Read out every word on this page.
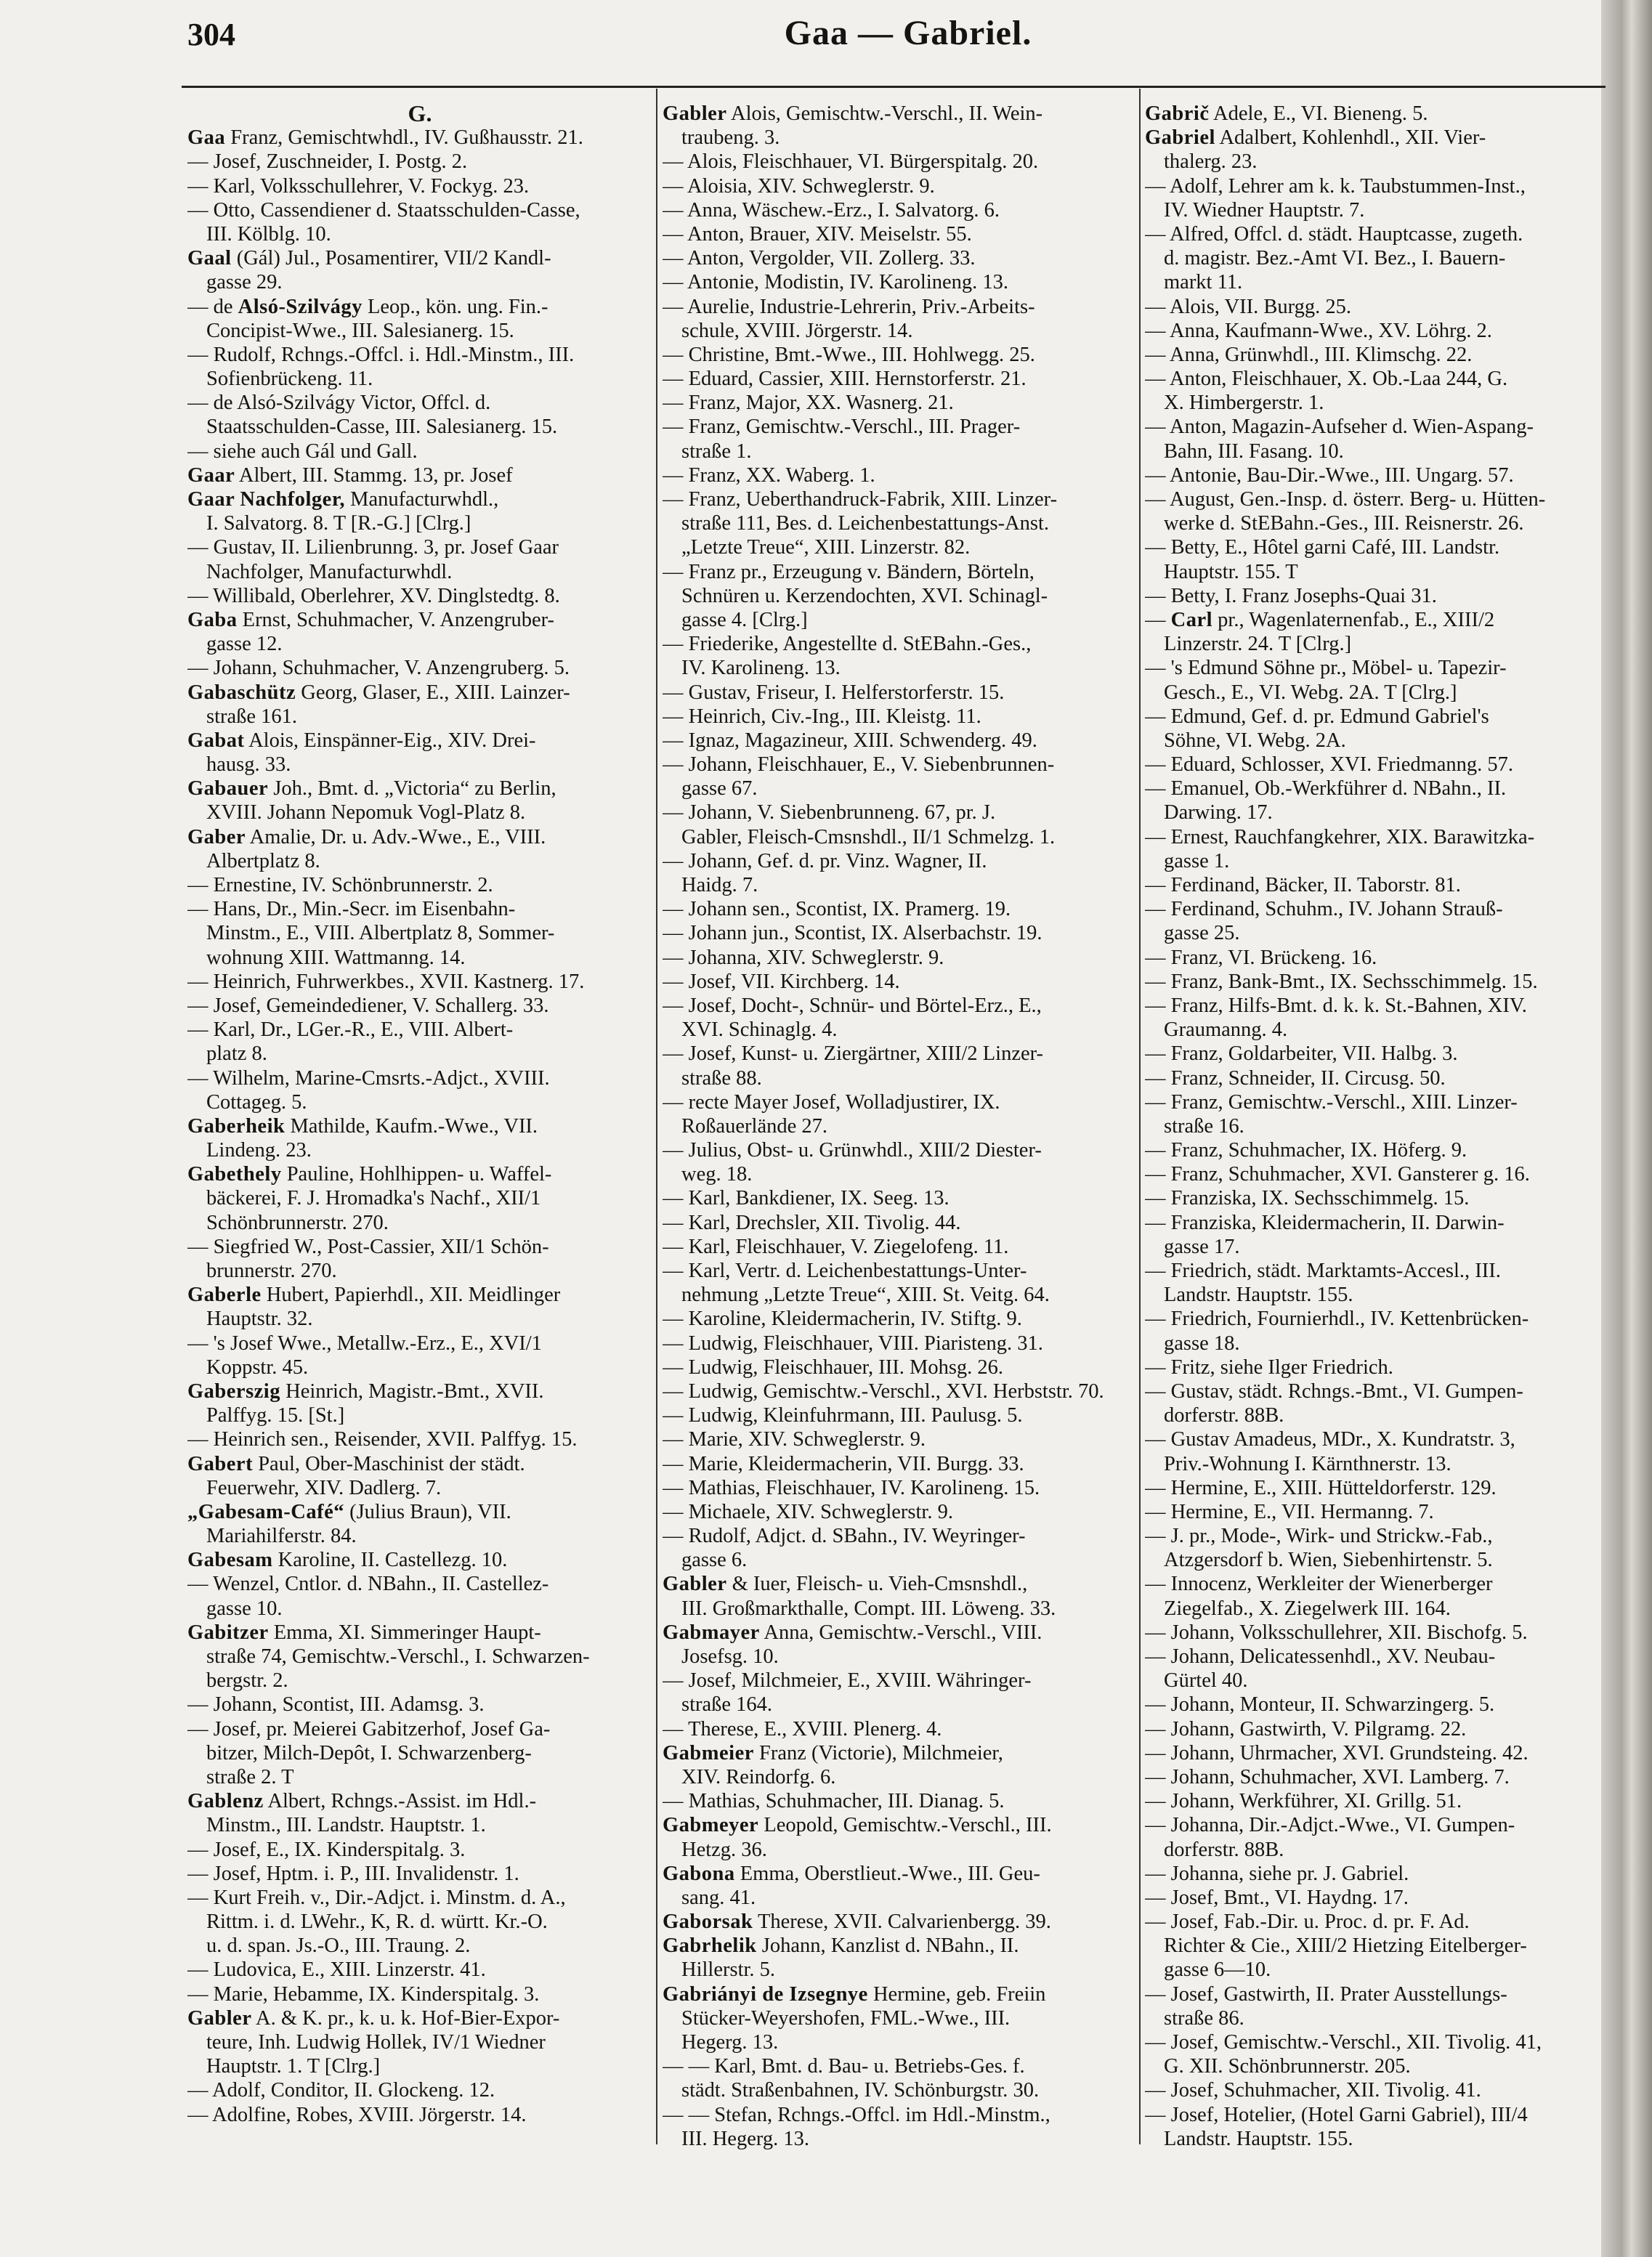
304	Gaa — Gabriel.
G.
Gaa Franz, Gemischtwhdl., IV. Gußhausstr. 21.
— Josef, Zuschneider, I. Postg. 2.
— Karl, Volksschullehrer, V. Fockyg. 23.
— Otto, Cassendiener d. Staatsschulden-Casse,
III. Kölblg. 10.
Gaal (Gál) Jul., Posamentirer, VII/2 Kandl-
gasse 29.
— de Alsó-Szilvágy Leop., kön. ung. Fin.-
Concipist-Wwe., III. Salesianerg. 15.
— Rudolf, Rchngs.-Offcl. i. Hdl.-Minstm., III.
Sofienbrückeng. 11.
— de Alsó-Szilvágy Victor, Offcl. d.
Staatsschulden-Casse, III. Salesianerg. 15.
— siehe auch Gál und Gall.
Gaar Albert, III. Stammg. 13, pr. Josef
Gaar Nachfolger, Manufacturwhdl.,
I. Salvatorg. 8. T [R.-G.] [Clrg.]
— Gustav, II. Lilienbrunng. 3, pr. Josef Gaar
Nachfolger, Manufacturwhdl.
— Willibald, Oberlehrer, XV. Dinglstedtg. 8.
Gaba Ernst, Schuhmacher, V. Anzengruber-
gasse 12.
— Johann, Schuhmacher, V. Anzengruberg. 5.
Gabaschütz Georg, Glaser, E., XIII. Lainzer-
straße 161.
Gabat Alois, Einspänner-Eig., XIV. Drei-
hausg. 33.
Gabauer Joh., Bmt. d. „Victoria“ zu Berlin,
XVIII. Johann Nepomuk Vogl-Platz 8.
Gaber Amalie, Dr. u. Adv.-Wwe., E., VIII.
Albertplatz 8.
— Ernestine, IV. Schönbrunnerstr. 2.
— Hans, Dr., Min.-Secr. im Eisenbahn-
Minstm., E., VIII. Albertplatz 8, Sommer-
wohnung XIII. Wattmanng. 14.
— Heinrich, Fuhrwerkbes., XVII. Kastnerg. 17.
— Josef, Gemeindediener, V. Schallerg. 33.
— Karl, Dr., LGer.-R., E., VIII. Albert-
platz 8.
— Wilhelm, Marine-Cmsrts.-Adjct., XVIII.
Cottageg. 5.
Gaberheik Mathilde, Kaufm.-Wwe., VII.
Lindeng. 23.
Gabethely Pauline, Hohlhippen- u. Waffel-
bäckerei, F. J. Hromadka's Nachf., XII/1
Schönbrunnerstr. 270.
— Siegfried W., Post-Cassier, XII/1 Schön-
brunnerstr. 270.
Gaberle Hubert, Papierhdl., XII. Meidlinger
Hauptstr. 32.
— 's Josef Wwe., Metallw.-Erz., E., XVI/1
Koppstr. 45.
Gaberszig Heinrich, Magistr.-Bmt., XVII.
Palffyg. 15. [St.]
— Heinrich sen., Reisender, XVII. Palffyg. 15.
Gabert Paul, Ober-Maschinist der städt.
Feuerwehr, XIV. Dadlerg. 7.
„Gabesam-Café“ (Julius Braun), VII.
Mariahilferstr. 84.
Gabesam Karoline, II. Castellezg. 10.
— Wenzel, Cntlor. d. NBahn., II. Castellez-
gasse 10.
Gabitzer Emma, XI. Simmeringer Haupt-
straße 74, Gemischtw.-Verschl., I. Schwarzen-
bergstr. 2.
— Johann, Scontist, III. Adamsg. 3.
— Josef, pr. Meierei Gabitzerhof, Josef Ga-
bitzer, Milch-Depôt, I. Schwarzenberg-
straße 2. T
Gablenz Albert, Rchngs.-Assist. im Hdl.-
Minstm., III. Landstr. Hauptstr. 1.
— Josef, E., IX. Kinderspitalg. 3.
— Josef, Hptm. i. P., III. Invalidenstr. 1.
— Kurt Freih. v., Dir.-Adjct. i. Minstm. d. A.,
Rittm. i. d. LWehr., K, R. d. württ. Kr.-O.
u. d. span. Js.-O., III. Traung. 2.
— Ludovica, E., XIII. Linzerstr. 41.
— Marie, Hebamme, IX. Kinderspitalg. 3.
Gabler A. & K. pr., k. u. k. Hof-Bier-Expor-
teure, Inh. Ludwig Hollek, IV/1 Wiedner
Hauptstr. 1. T [Clrg.]
— Adolf, Conditor, II. Glockeng. 12.
— Adolfine, Robes, XVIII. Jörgerstr. 14.
Gabler Alois, Gemischtw.-Verschl., II. Wein-
traubeng. 3.
— Alois, Fleischhauer, VI. Bürgerspitalg. 20.
— Aloisia, XIV. Schweglerstr. 9.
— Anna, Wäschew.-Erz., I. Salvatorg. 6.
— Anton, Brauer, XIV. Meiselstr. 55.
— Anton, Vergolder, VII. Zollerg. 33.
— Antonie, Modistin, IV. Karolineng. 13.
— Aurelie, Industrie-Lehrerin, Priv.-Arbeits-
schule, XVIII. Jörgerstr. 14.
— Christine, Bmt.-Wwe., III. Hohlwegg. 25.
— Eduard, Cassier, XIII. Hernstorferstr. 21.
— Franz, Major, XX. Wasnerg. 21.
— Franz, Gemischtw.-Verschl., III. Prager-
straße 1.
— Franz, XX. Waberg. 1.
— Franz, Ueberthandruck-Fabrik, XIII. Linzer-
straße 111, Bes. d. Leichenbestattungs-Anst.
„Letzte Treue“, XIII. Linzerstr. 82.
— Franz pr., Erzeugung v. Bändern, Börteln,
Schnüren u. Kerzendochten, XVI. Schinagl-
gasse 4. [Clrg.]
— Friederike, Angestellte d. StEBahn.-Ges.,
IV. Karolineng. 13.
— Gustav, Friseur, I. Helferstorferstr. 15.
— Heinrich, Civ.-Ing., III. Kleistg. 11.
— Ignaz, Magazineur, XIII. Schwenderg. 49.
— Johann, Fleischhauer, E., V. Siebenbrunnen-
gasse 67.
— Johann, V. Siebenbrunneng. 67, pr. J.
Gabler, Fleisch-Cmsnshdl., II/1 Schmelzg. 1.
— Johann, Gef. d. pr. Vinz. Wagner, II.
Haidg. 7.
— Johann sen., Scontist, IX. Pramerg. 19.
— Johann jun., Scontist, IX. Alserbachstr. 19.
— Johanna, XIV. Schweglerstr. 9.
— Josef, VII. Kirchberg. 14.
— Josef, Docht-, Schnür- und Börtel-Erz., E.,
XVI. Schinaglg. 4.
— Josef, Kunst- u. Ziergärtner, XIII/2 Linzer-
straße 88.
— recte Mayer Josef, Wolladjustirer, IX.
Roßauerlände 27.
— Julius, Obst- u. Grünwhdl., XIII/2 Diester-
weg. 18.
— Karl, Bankdiener, IX. Seeg. 13.
— Karl, Drechsler, XII. Tivolig. 44.
— Karl, Fleischhauer, V. Ziegelofeng. 11.
— Karl, Vertr. d. Leichenbestattungs-Unter-
nehmung „Letzte Treue“, XIII. St. Veitg. 64.
— Karoline, Kleidermacherin, IV. Stiftg. 9.
— Ludwig, Fleischhauer, VIII. Piaristeng. 31.
— Ludwig, Fleischhauer, III. Mohsg. 26.
— Ludwig, Gemischtw.-Verschl., XVI. Herbststr. 70.
— Ludwig, Kleinfuhrmann, III. Paulusg. 5.
— Marie, XIV. Schweglerstr. 9.
— Marie, Kleidermacherin, VII. Burgg. 33.
— Mathias, Fleischhauer, IV. Karolineng. 15.
— Michaele, XIV. Schweglerstr. 9.
— Rudolf, Adjct. d. SBahn., IV. Weyringer-
gasse 6.
Gabler & Iuer, Fleisch- u. Vieh-Cmsnshdl.,
III. Großmarkthalle, Compt. III. Löweng. 33.
Gabmayer Anna, Gemischtw.-Verschl., VIII.
Josefsg. 10.
— Josef, Milchmeier, E., XVIII. Währinger-
straße 164.
— Therese, E., XVIII. Plenerg. 4.
Gabmeier Franz (Victorie), Milchmeier,
XIV. Reindorfg. 6.
— Mathias, Schuhmacher, III. Dianag. 5.
Gabmeyer Leopold, Gemischtw.-Verschl., III.
Hetzg. 36.
Gabona Emma, Oberstlieut.-Wwe., III. Geu-
sang. 41.
Gaborsak Therese, XVII. Calvarienbergg. 39.
Gabrhelik Johann, Kanzlist d. NBahn., II.
Hillerstr. 5.
Gabriányi de Izsegnye Hermine, geb. Freiin
Stücker-Weyershofen, FML.-Wwe., III.
Hegerg. 13.
— — Karl, Bmt. d. Bau- u. Betriebs-Ges. f.
städt. Straßenbahnen, IV. Schönburgstr. 30.
— — Stefan, Rchngs.-Offcl. im Hdl.-Minstm.,
III. Hegerg. 13.
Gabrič Adele, E., VI. Bieneng. 5.
Gabriel Adalbert, Kohlenhdl., XII. Vier-
thalerg. 23.
— Adolf, Lehrer am k. k. Taubstummen-Inst.,
IV. Wiedner Hauptstr. 7.
— Alfred, Offcl. d. städt. Hauptcasse, zugeth.
d. magistr. Bez.-Amt VI. Bez., I. Bauern-
markt 11.
— Alois, VII. Burgg. 25.
— Anna, Kaufmann-Wwe., XV. Löhrg. 2.
— Anna, Grünwhdl., III. Klimschg. 22.
— Anton, Fleischhauer, X. Ob.-Laa 244, G.
X. Himbergerstr. 1.
— Anton, Magazin-Aufseher d. Wien-Aspang-
Bahn, III. Fasang. 10.
— Antonie, Bau-Dir.-Wwe., III. Ungarg. 57.
— August, Gen.-Insp. d. österr. Berg- u. Hütten-
werke d. StEBahn.-Ges., III. Reisnerstr. 26.
— Betty, E., Hôtel garni Café, III. Landstr.
Hauptstr. 155. T
— Betty, I. Franz Josephs-Quai 31.
— Carl pr., Wagenlaternenfab., E., XIII/2
Linzerstr. 24. T [Clrg.]
— 's Edmund Söhne pr., Möbel- u. Tapezir-
Gesch., E., VI. Webg. 2A. T [Clrg.]
— Edmund, Gef. d. pr. Edmund Gabriel's
Söhne, VI. Webg. 2A.
— Eduard, Schlosser, XVI. Friedmanng. 57.
— Emanuel, Ob.-Werkführer d. NBahn., II.
Darwing. 17.
— Ernest, Rauchfangkehrer, XIX. Barawitzka-
gasse 1.
— Ferdinand, Bäcker, II. Taborstr. 81.
— Ferdinand, Schuhm., IV. Johann Strauß-
gasse 25.
— Franz, VI. Brückeng. 16.
— Franz, Bank-Bmt., IX. Sechsschimmelg. 15.
— Franz, Hilfs-Bmt. d. k. k. St.-Bahnen, XIV.
Graumanng. 4.
— Franz, Goldarbeiter, VII. Halbg. 3.
— Franz, Schneider, II. Circusg. 50.
— Franz, Gemischtw.-Verschl., XIII. Linzer-
straße 16.
— Franz, Schuhmacher, IX. Höferg. 9.
— Franz, Schuhmacher, XVI. Gansterer g. 16.
— Franziska, IX. Sechsschimmelg. 15.
— Franziska, Kleidermacherin, II. Darwin-
gasse 17.
— Friedrich, städt. Marktamts-Accesl., III.
Landstr. Hauptstr. 155.
— Friedrich, Fournierhdl., IV. Kettenbrücken-
gasse 18.
— Fritz, siehe Ilger Friedrich.
— Gustav, städt. Rchngs.-Bmt., VI. Gumpen-
dorferstr. 88B.
— Gustav Amadeus, MDr., X. Kundratstr. 3,
Priv.-Wohnung I. Kärnthnerstr. 13.
— Hermine, E., XIII. Hütteldorferstr. 129.
— Hermine, E., VII. Hermanng. 7.
— J. pr., Mode-, Wirk- und Strickw.-Fab.,
Atzgersdorf b. Wien, Siebenhirtenstr. 5.
— Innocenz, Werkleiter der Wienerberger
Ziegelfab., X. Ziegelwerk III. 164.
— Johann, Volksschullehrer, XII. Bischofg. 5.
— Johann, Delicatessenhdl., XV. Neubau-
Gürtel 40.
— Johann, Monteur, II. Schwarzingerg. 5.
— Johann, Gastwirth, V. Pilgramg. 22.
— Johann, Uhrmacher, XVI. Grundsteing. 42.
— Johann, Schuhmacher, XVI. Lamberg. 7.
— Johann, Werkführer, XI. Grillg. 51.
— Johanna, Dir.-Adjct.-Wwe., VI. Gumpen-
dorferstr. 88B.
— Johanna, siehe pr. J. Gabriel.
— Josef, Bmt., VI. Haydng. 17.
— Josef, Fab.-Dir. u. Proc. d. pr. F. Ad.
Richter & Cie., XIII/2 Hietzing Eitelberger-
gasse 6—10.
— Josef, Gastwirth, II. Prater Ausstellungs-
straße 86.
— Josef, Gemischtw.-Verschl., XII. Tivolig. 41,
G. XII. Schönbrunnerstr. 205.
— Josef, Schuhmacher, XII. Tivolig. 41.
— Josef, Hotelier, (Hotel Garni Gabriel), III/4
Landstr. Hauptstr. 155.
